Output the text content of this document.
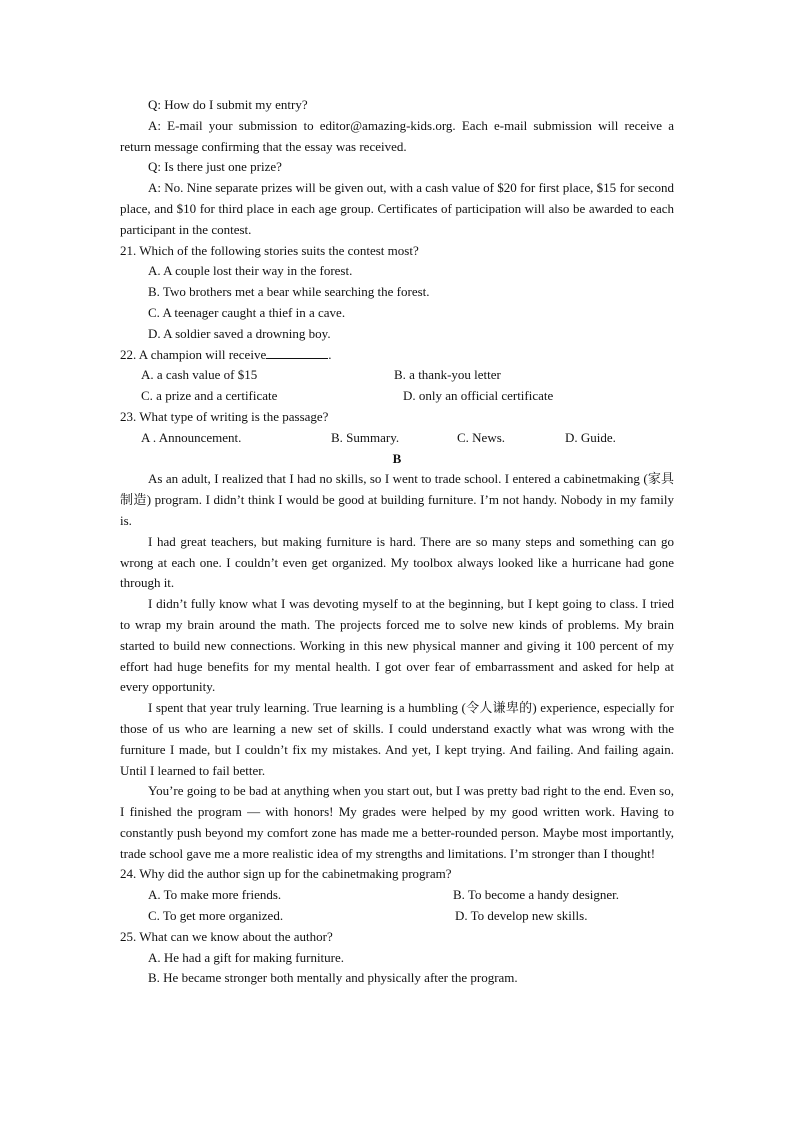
Q: How do I submit my entry?

A: E-mail your submission to editor@amazing-kids.org. Each e-mail submission will receive a return message confirming that the essay was received.

Q: Is there just one prize?

A: No. Nine separate prizes will be given out, with a cash value of $20 for first place, $15 for second place, and $10 for third place in each age group. Certificates of participation will also be awarded to each participant in the contest.

21. Which of the following stories suits the contest most?

A. A couple lost their way in the forest.

B. Two brothers met a bear while searching the forest.

C. A teenager caught a thief in a cave.

D. A soldier saved a drowning boy.

22. A champion will receive	.

A. a cash value of $15	B. a thank-you letter
C. a prize and a certificate	D. only an official certificate

23. What type of writing is the passage?

A . Announcement.	B. Summary.	C. News.	D. Guide.

B

As an adult, I realized that I had no skills, so I went to trade school. I entered a cabinetmaking (家具制造) program. I didn’t think I would be good at building furniture. I’m not handy. Nobody in my family is.

I had great teachers, but making furniture is hard. There are so many steps and something can go wrong at each one. I couldn’t even get organized. My toolbox always looked like a hurricane had gone through it.

I didn’t fully know what I was devoting myself to at the beginning, but I kept going to class. I tried to wrap my brain around the math. The projects forced me to solve new kinds of problems. My brain started to build new connections. Working in this new physical manner and giving it 100 percent of my effort had huge benefits for my mental health. I got over fear of embarrassment and asked for help at every opportunity.

I spent that year truly learning. True learning is a humbling (令人谦卑的) experience, especially for those of us who are learning a new set of skills. I could understand exactly what was wrong with the furniture I made, but I couldn’t fix my mistakes. And yet, I kept trying. And failing. And failing again. Until I learned to fail better.

You’re going to be bad at anything when you start out, but I was pretty bad right to the end. Even so, I finished the program — with honors! My grades were helped by my good written work. Having to constantly push beyond my comfort zone has made me a better-rounded person. Maybe most importantly, trade school gave me a more realistic idea of my strengths and limitations. I’m stronger than I thought!

24. Why did the author sign up for the cabinetmaking program?

A. To make more friends.	B. To become a handy designer.
C. To get more organized.	D. To develop new skills.

25. What can we know about the author?

A. He had a gift for making furniture.

B. He became stronger both mentally and physically after the program.
